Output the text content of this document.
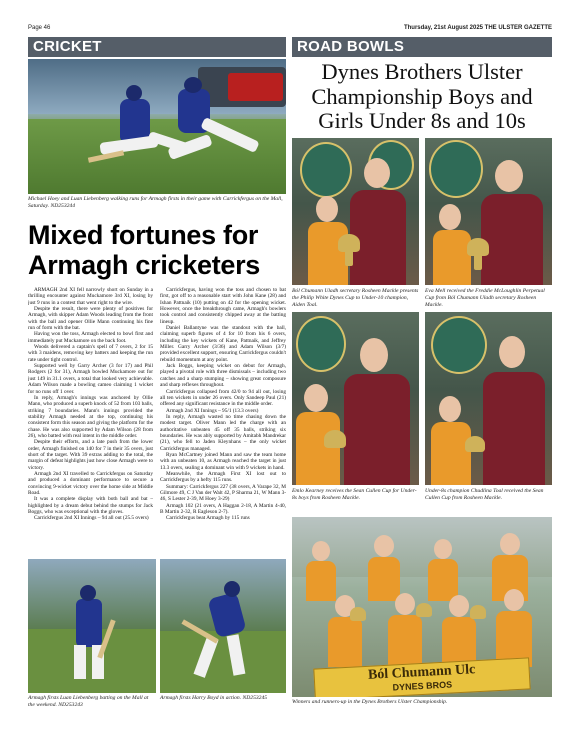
Page 46	Thursday, 21st August 2025 THE ULSTER GAZETTE
CRICKET	ROAD BOWLS
Michael Hoey and Luan Liebenberg walking runs for Armagh firsts in their game with Carrickfergus on the Mall, Saturday. ND253244
Mixed fortunes for Armagh cricketers

ARMAGH 2nd XI fell narrowly short on Sunday in a thrilling encounter against Muckamore 3rd XI, losing by just 9 runs in a contest that went right to the wire.

Despite the result, there were plenty of positives for Armagh, with skipper Adam Woods leading from the front with the ball and opener Ollie Mann continuing his fine run of form with the bat.

Having won the toss, Armagh elected to bowl first and immediately put Muckamore on the back foot.

Woods delivered a captain's spell of 7 overs, 2 for 15 with 3 maidens, removing key batters and keeping the run rate under tight control.

Supported well by Garry Archer (3 for 17) and Phil Rodgers (2 for 31), Armagh bowled Muckamore out for just 149 in 31.1 overs, a total that looked very achievable. Adam Wilson made a bowling cameo claiming 1 wicket for no runs off 1 over.

In reply, Armagh's innings was anchored by Ollie Mann, who produced a superb knock of 52 from 103 balls, striking 7 boundaries. Mann's innings provided the stability Armagh needed at the top, continuing his consistent form this season and giving the platform for the chase. He was also supported by Adam Wilson (28 from 26), who batted with real intent in the middle order.

Despite their efforts, and a late push from the lower order, Armagh finished on 140 for 7 in their 35 overs, just short of the target. With 39 extras adding to the total, the margin of defeat highlights just how close Armagh were to victory.

Armagh 2nd XI travelled to Carrickfergus on Saturday and produced a dominant performance to secure a convincing 9-wicket victory over the home side at Middle Road.

It was a complete display with both ball and bat – highlighted by a dream debut behind the stumps for Jack Boggs, who was exceptional with the gloves.

Carrickfergus 2nd XI Innings – 94 all out (25.5 overs)

Carrickfergus, having won the toss and chosen to bat first, got off to a reasonable start with John Kane (28) and Ishan Pattnaik (10) putting on 42 for the opening wicket. However, once the breakthrough came, Armagh's bowlers took control and consistently chipped away at the batting lineup.

Daniel Ballantyne was the standout with the ball, claiming superb figures of 4 for 10 from his 6 overs, including the key wickets of Kane, Pattnaik, and Jeffrey Miller. Garry Archer (3/36) and Adam Wilson (3/7) provided excellent support, ensuring Carrickfergus couldn't rebuild momentum at any point.

Jack Boggs, keeping wicket on debut for Armagh, played a pivotal role with three dismissals – including two catches and a sharp stumping – showing great composure and sharp reflexes throughout.

Carrickfergus collapsed from 42/0 to 94 all out, losing all ten wickets in under 26 overs. Only Sandeep Paul (21) offered any significant resistance in the middle order.

Armagh 2nd XI Innings – 95/1 (13.3 overs)

In reply, Armagh wasted no time chasing down the modest target. Oliver Mann led the charge with an authoritative unbeaten 45 off 35 balls, striking six boundaries. He was ably supported by Amitabh Mandrekar (21), who fell to Jaden Kleynhans – the only wicket Carrickfergus managed.

Ryan McCartney joined Mann and saw the team home with an unbeaten 10, as Armagh reached the target in just 13.3 overs, sealing a dominant win with 9 wickets in hand.

Meanwhile, the Armagh First XI lost out to Carrickfergus by a hefty 115 runs.

Summary: Carrickfergus 227 (38 overs, A Varape 32, M Gilmore 49, C J Van der Walt 42, P Sharma 21, W Mann 3-46, S Lester 2-39, M Hoey 3-29)

Armagh 102 (21 overs, A Haggan 2-18, A Martin 4-40, B Martin 2-32, R Eagleson 2-7).

Carrickfergus beat Armagh by 115 runs

Armagh firsts Luan Liebenberg batting on the Mall at the weekend. ND253243
Armagh firsts Harry Boyd in action. ND253245
Dynes Brothers Ulster Championship Boys and Girls Under 8s and 10s
Ból Chumann Uladh secretary Rosheen Mackle presents the Philip White Dynes Cup to Under-10 champion, Aiden Toal.
Eva Mell received the Freddie McLoughlin Perpetual Cup from Ból Chumann Uladh secretary Rosheen Mackle.
Emlo Kearney receives the Sean Cullen Cup for Under-8s boys from Rosheen Mackle.
Under-8s champion Chudlina Toal received the Sean Cullen Cup from Rosheen Mackle.
Ból Chumann Ulc
DYNES BROS
Winners and runners-up in the Dynes Brothers Ulster Championship.
